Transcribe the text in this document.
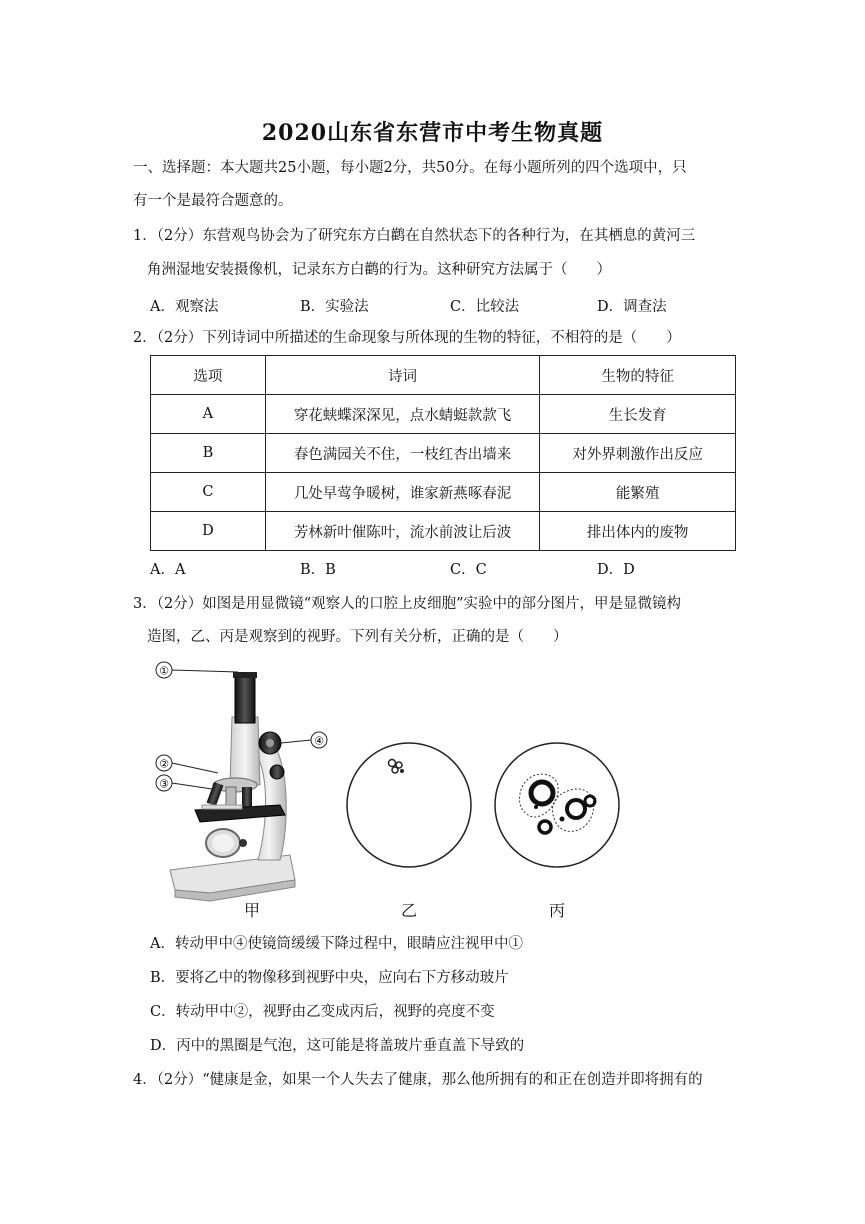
2020山东省东营市中考生物真题
一、选择题：本大题共25小题，每小题2分，共50分。在每小题所列的四个选项中，只
有一个是最符合题意的。
1．（2分）东营观鸟协会为了研究东方白鹳在自然状态下的各种行为，在其栖息的黄河三
角洲湿地安装摄像机，记录东方白鹳的行为。这种研究方法属于（　　）
A．观察法	B．实验法	C．比较法	D．调查法
2．（2分）下列诗词中所描述的生命现象与所体现的生物的特征，不相符的是（　　）
选项	诗词	生物的特征
A	穿花蛱蝶深深见，点水蜻蜓款款飞	生长发育
B	春色满园关不住，一枝红杏出墙来	对外界刺激作出反应
C	几处早莺争暖树，谁家新燕啄春泥	能繁殖
D	芳林新叶催陈叶，流水前波让后波	排出体内的废物
A．A	B．B	C．C	D．D
3．（2分）如图是用显微镜“观察人的口腔上皮细胞”实验中的部分图片，甲是显微镜构
造图，乙、丙是观察到的视野。下列有关分析，正确的是（　　）
①
②
③
④
甲	乙	丙
A．转动甲中④使镜筒缓缓下降过程中，眼睛应注视甲中①
B．要将乙中的物像移到视野中央，应向右下方移动玻片
C．转动甲中②，视野由乙变成丙后，视野的亮度不变
D．丙中的黑圈是气泡，这可能是将盖玻片垂直盖下导致的
4．（2分）“健康是金，如果一个人失去了健康，那么他所拥有的和正在创造并即将拥有的
